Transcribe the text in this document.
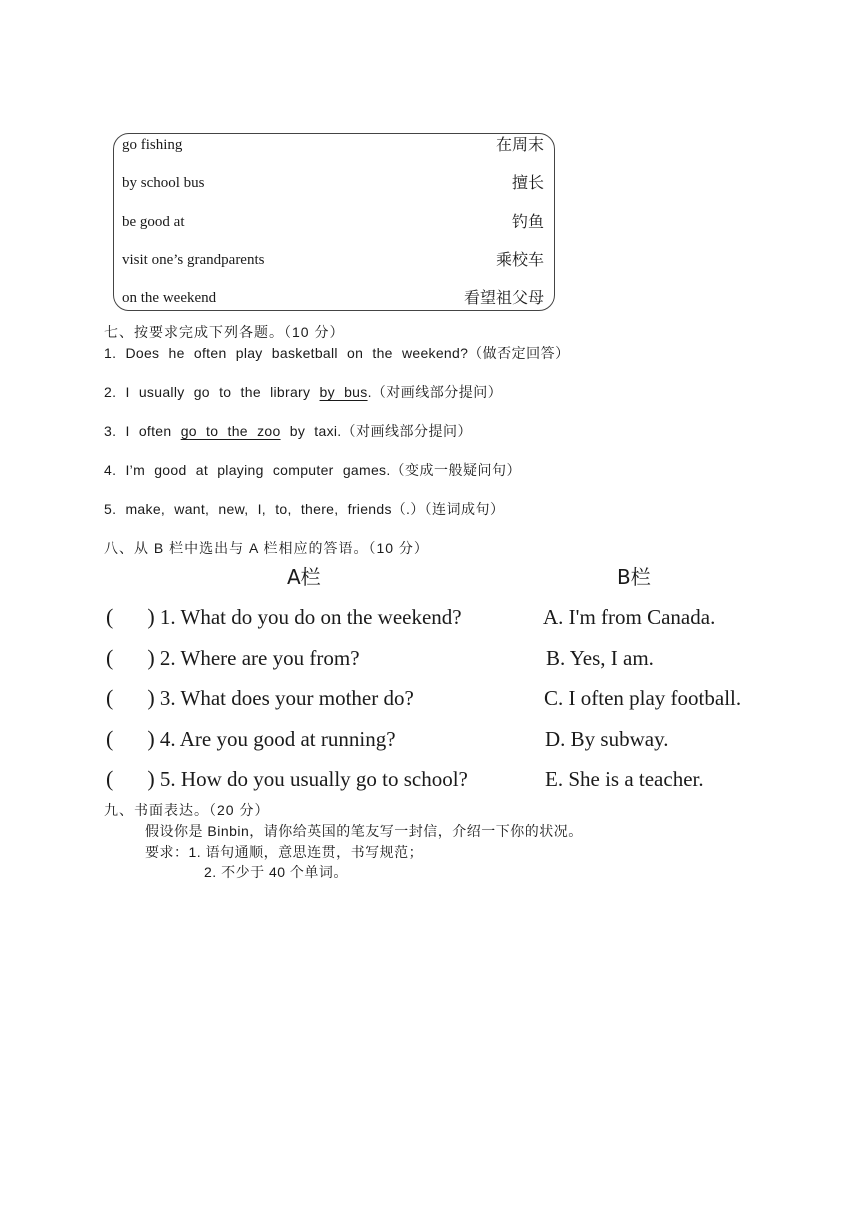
go fishing	在周末
by school bus	擅长
be good at	钓鱼
visit one’s grandparents	乘校车
on the weekend	看望祖父母
七、按要求完成下列各题。（10 分）
1. Does he often play basketball on the weekend?（做否定回答）
2. I usually go to the library by bus.（对画线部分提问）
3. I often go to the zoo by taxi.（对画线部分提问）
4. I’m good at playing computer games.（变成一般疑问句）
5. make, want, new, I, to, there, friends（.）（连词成句）
八、从 B 栏中选出与 A 栏相应的答语。（10 分）
A栏	B栏
( ) 1. What do you do on the weekend?	A. I'm from Canada.
( ) 2. Where are you from?	B. Yes, I am.
( ) 3. What does your mother do?	C. I often play football.
( ) 4. Are you good at running?	D. By subway.
( ) 5. How do you usually go to school?	E. She is a teacher.
九、书面表达。（20 分）
假设你是 Binbin，请你给英国的笔友写一封信，介绍一下你的状况。
要求：1. 语句通顺，意思连贯，书写规范；
2. 不少于 40 个单词。
